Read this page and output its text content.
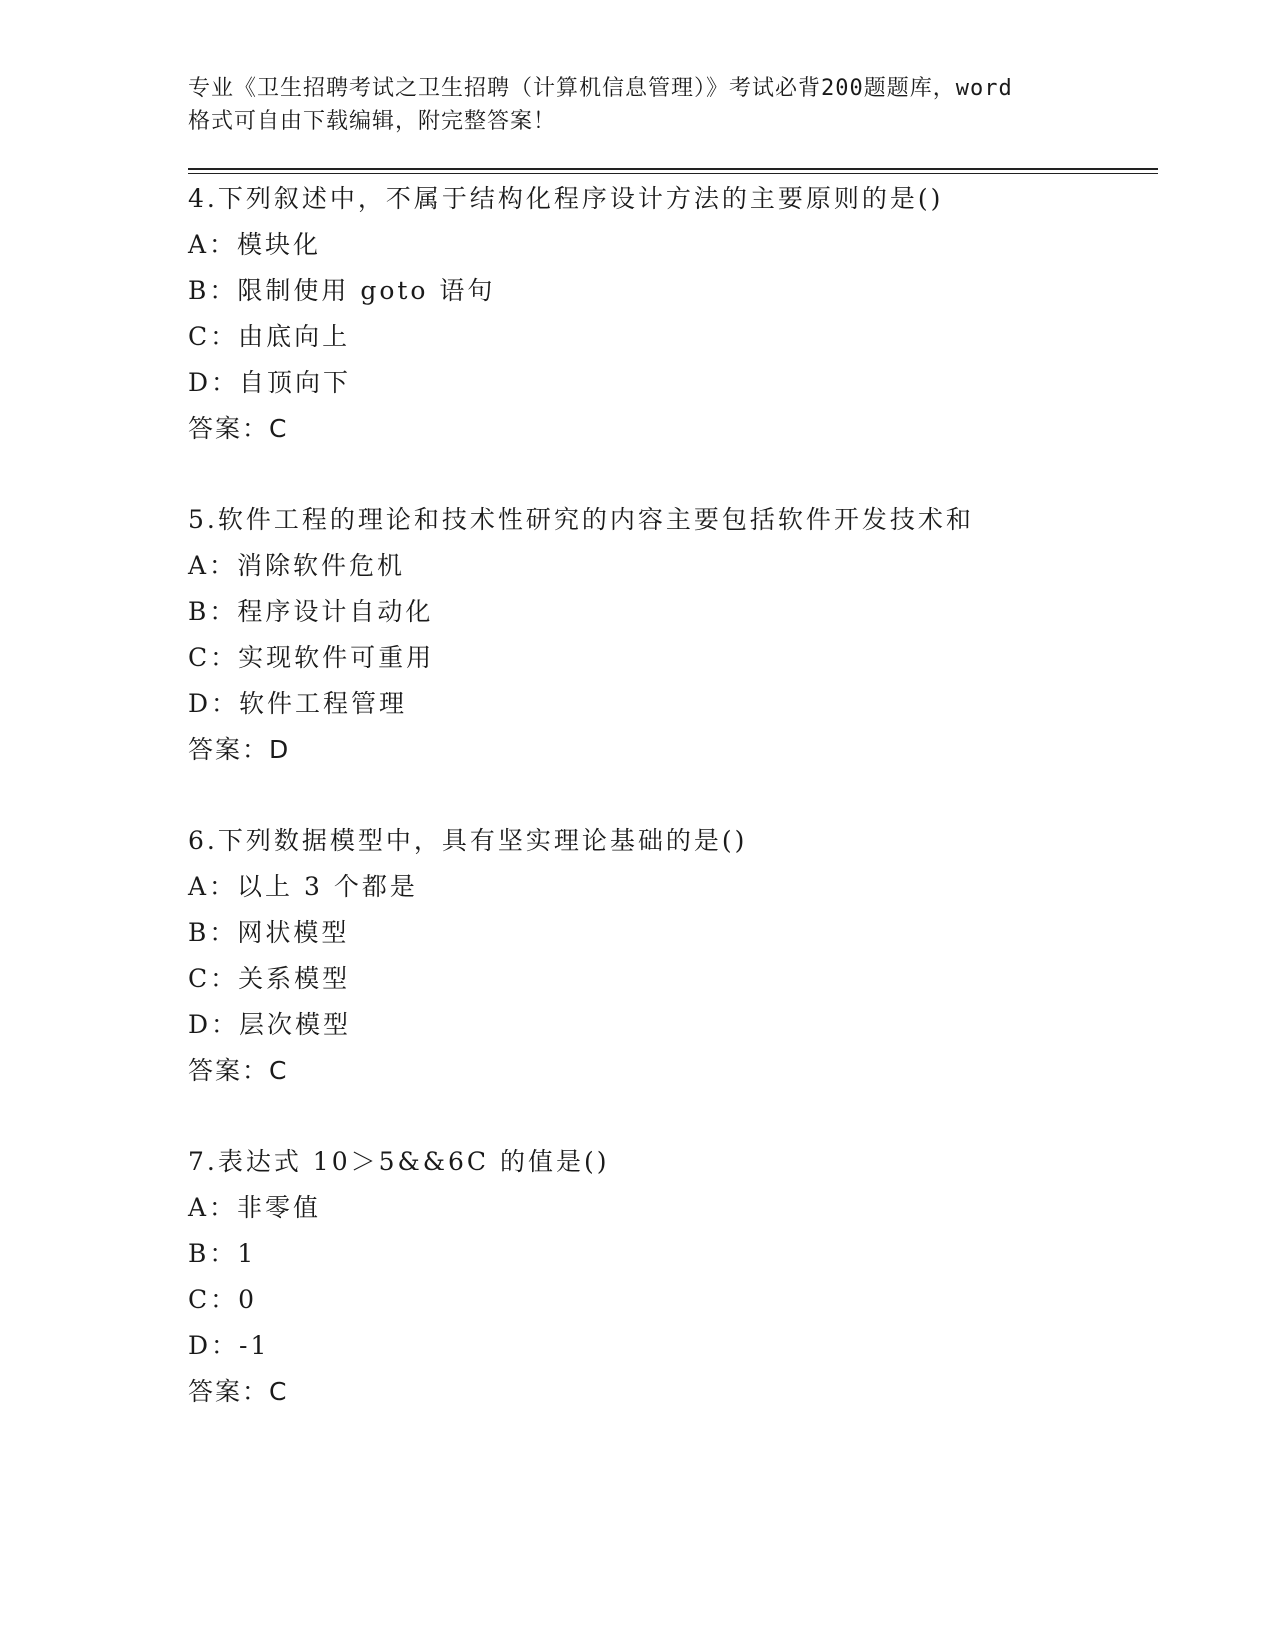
专业《卫生招聘考试之卫生招聘（计算机信息管理）》考试必背200题题库，word
格式可自由下载编辑，附完整答案！
4.下列叙述中，不属于结构化程序设计方法的主要原则的是()
A：模块化
B：限制使用 goto 语句
C：由底向上
D：自顶向下
答案：C
5.软件工程的理论和技术性研究的内容主要包括软件开发技术和
A：消除软件危机
B：程序设计自动化
C：实现软件可重用
D：软件工程管理
答案：D
6.下列数据模型中，具有坚实理论基础的是()
A：以上 3 个都是
B：网状模型
C：关系模型
D：层次模型
答案：C
7.表达式 10＞5&&6C 的值是()
A：非零值
B：1
C：0
D：-1
答案：C
